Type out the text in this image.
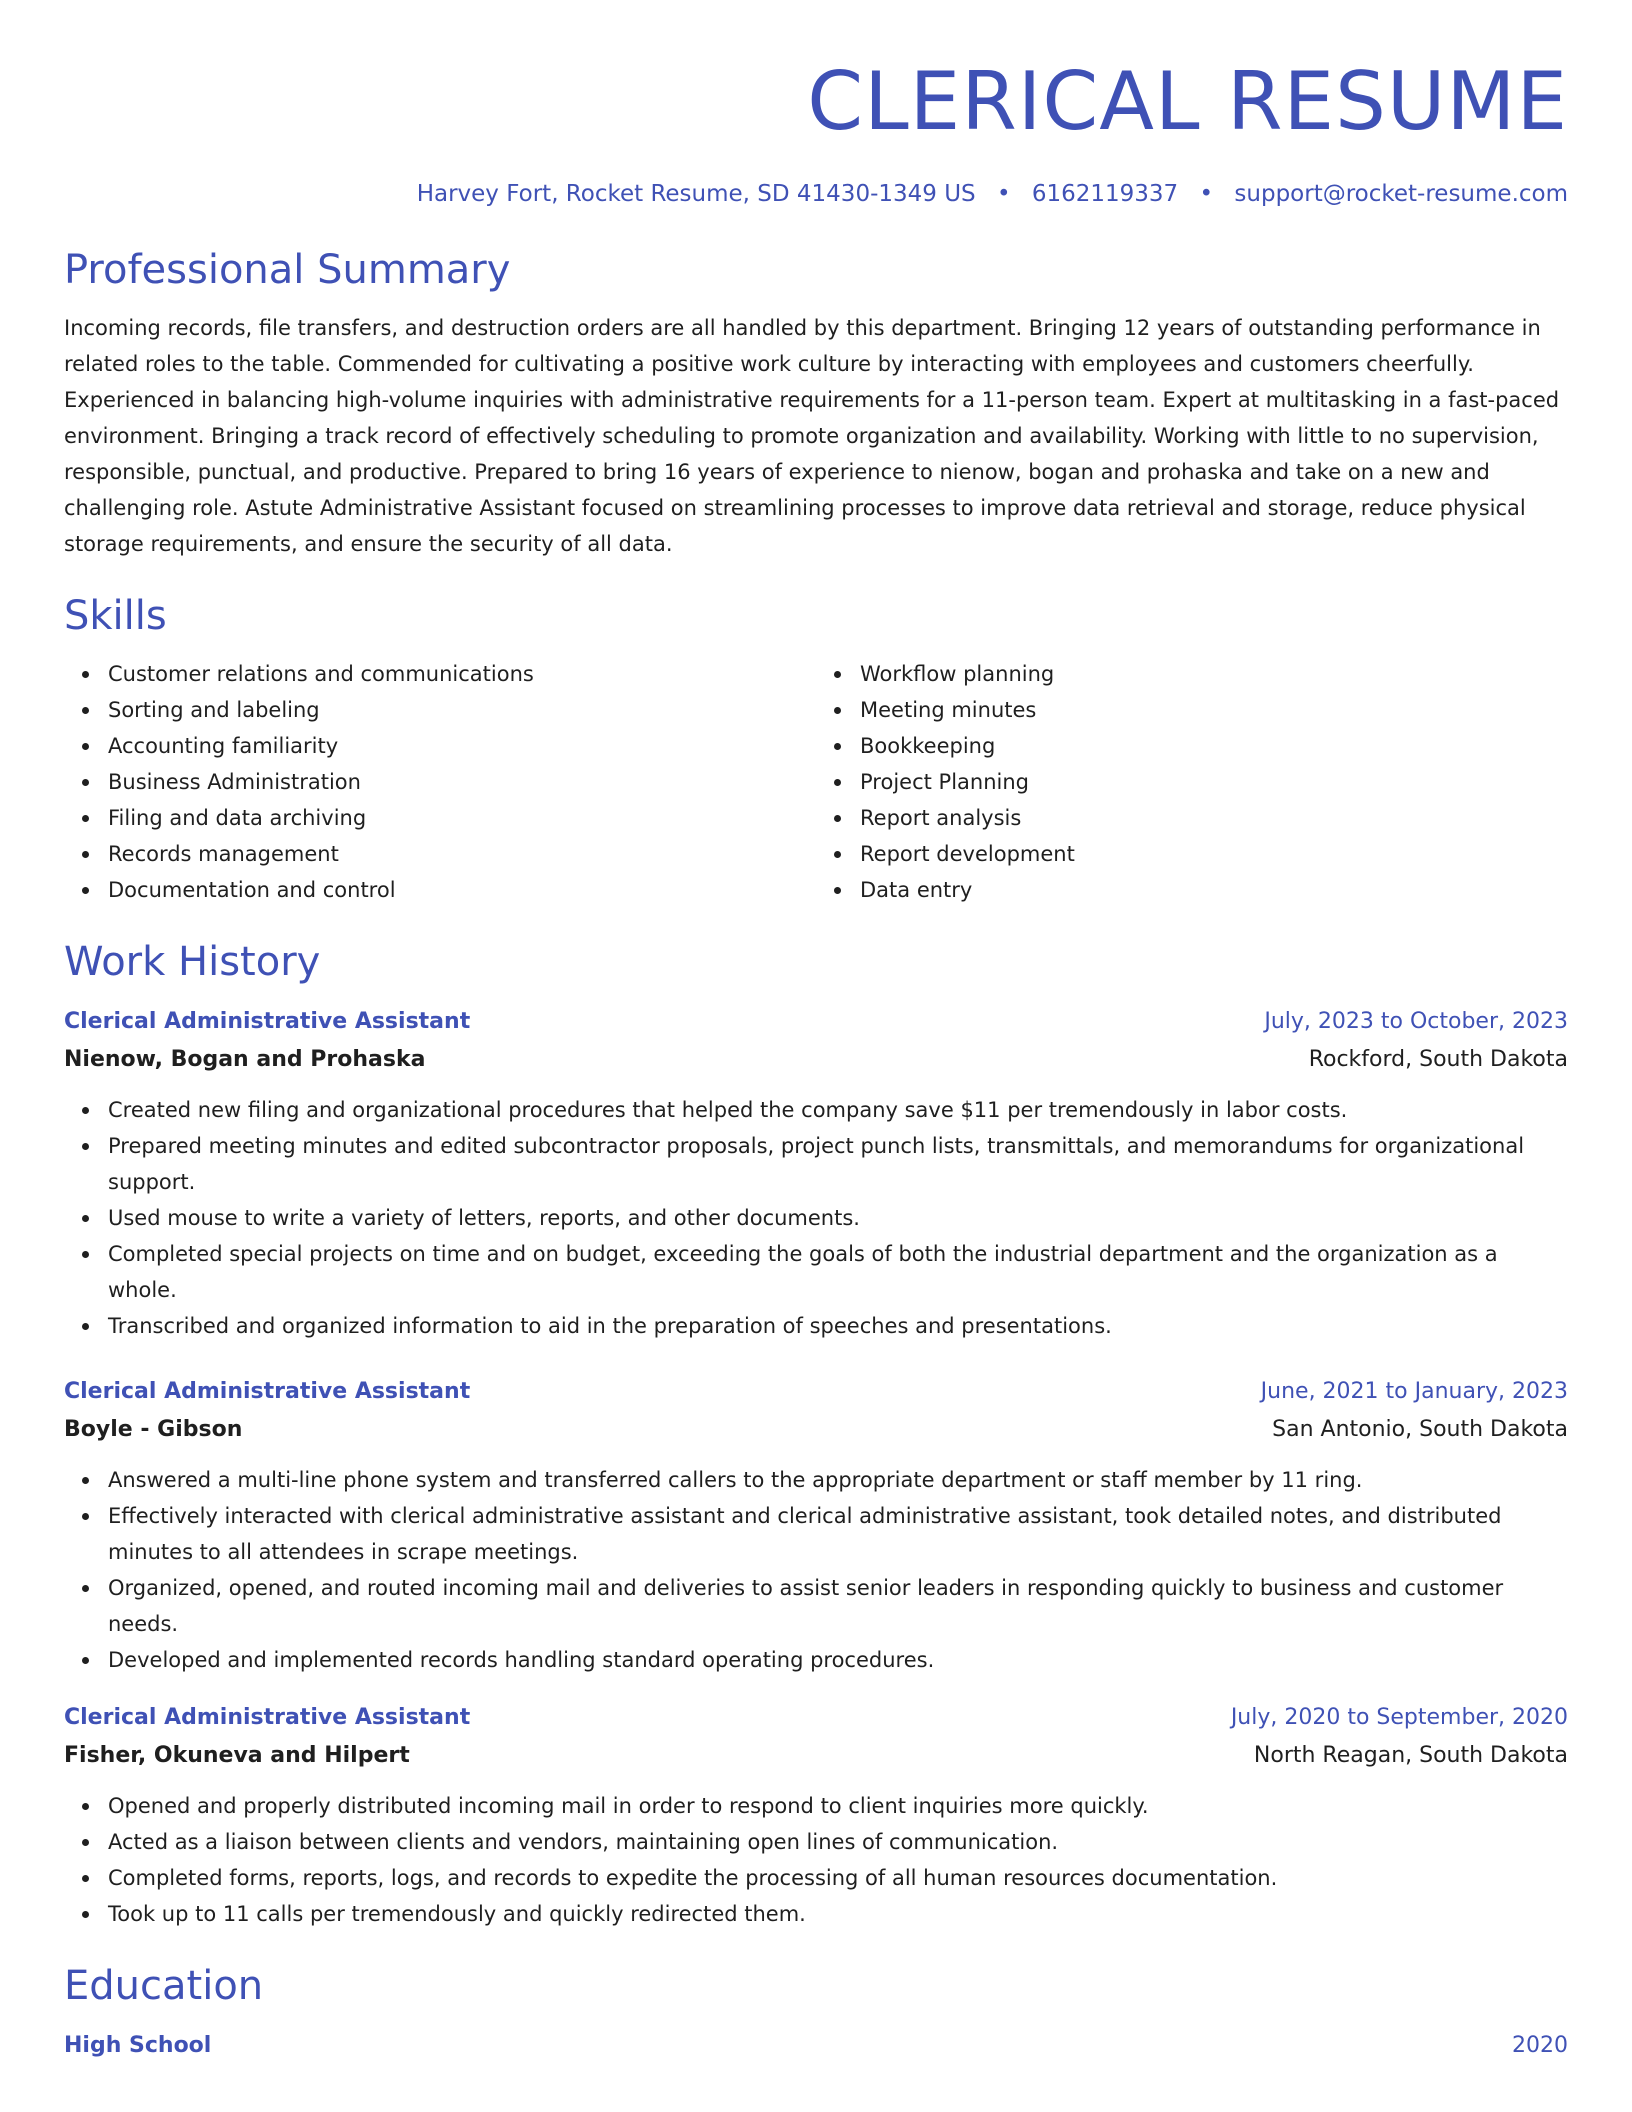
CLERICAL RESUME
Harvey Fort, Rocket Resume, SD 41430-1349 US • 6162119337 • support@rocket-resume.com
Professional Summary

Incoming records, file transfers, and destruction orders are all handled by this department. Bringing 12 years of outstanding performance in related roles to the table. Commended for cultivating a positive work culture by interacting with employees and customers cheerfully. Experienced in balancing high-volume inquiries with administrative requirements for a 11-person team. Expert at multitasking in a fast-paced environment. Bringing a track record of effectively scheduling to promote organization and availability. Working with little to no supervision, responsible, punctual, and productive. Prepared to bring 16 years of experience to nienow, bogan and prohaska and take on a new and challenging role. Astute Administrative Assistant focused on streamlining processes to improve data retrieval and storage, reduce physical storage requirements, and ensure the security of all data.

Skills
Customer relations and communications
Sorting and labeling
Accounting familiarity
Business Administration
Filing and data archiving
Records management
Documentation and control
Workflow planning
Meeting minutes
Bookkeeping
Project Planning
Report analysis
Report development
Data entry
Work History
Clerical Administrative Assistant	July, 2023 to October, 2023
Nienow, Bogan and Prohaska	Rockford, South Dakota
Created new filing and organizational procedures that helped the company save $11 per tremendously in labor costs.
Prepared meeting minutes and edited subcontractor proposals, project punch lists, transmittals, and memorandums for organizational support.
Used mouse to write a variety of letters, reports, and other documents.
Completed special projects on time and on budget, exceeding the goals of both the industrial department and the organization as a whole.
Transcribed and organized information to aid in the preparation of speeches and presentations.
Clerical Administrative Assistant	June, 2021 to January, 2023
Boyle - Gibson	San Antonio, South Dakota
Answered a multi-line phone system and transferred callers to the appropriate department or staff member by 11 ring.
Effectively interacted with clerical administrative assistant and clerical administrative assistant, took detailed notes, and distributed minutes to all attendees in scrape meetings.
Organized, opened, and routed incoming mail and deliveries to assist senior leaders in responding quickly to business and customer needs.
Developed and implemented records handling standard operating procedures.
Clerical Administrative Assistant	July, 2020 to September, 2020
Fisher, Okuneva and Hilpert	North Reagan, South Dakota
Opened and properly distributed incoming mail in order to respond to client inquiries more quickly.
Acted as a liaison between clients and vendors, maintaining open lines of communication.
Completed forms, reports, logs, and records to expedite the processing of all human resources documentation.
Took up to 11 calls per tremendously and quickly redirected them.
Education
High School	2020
